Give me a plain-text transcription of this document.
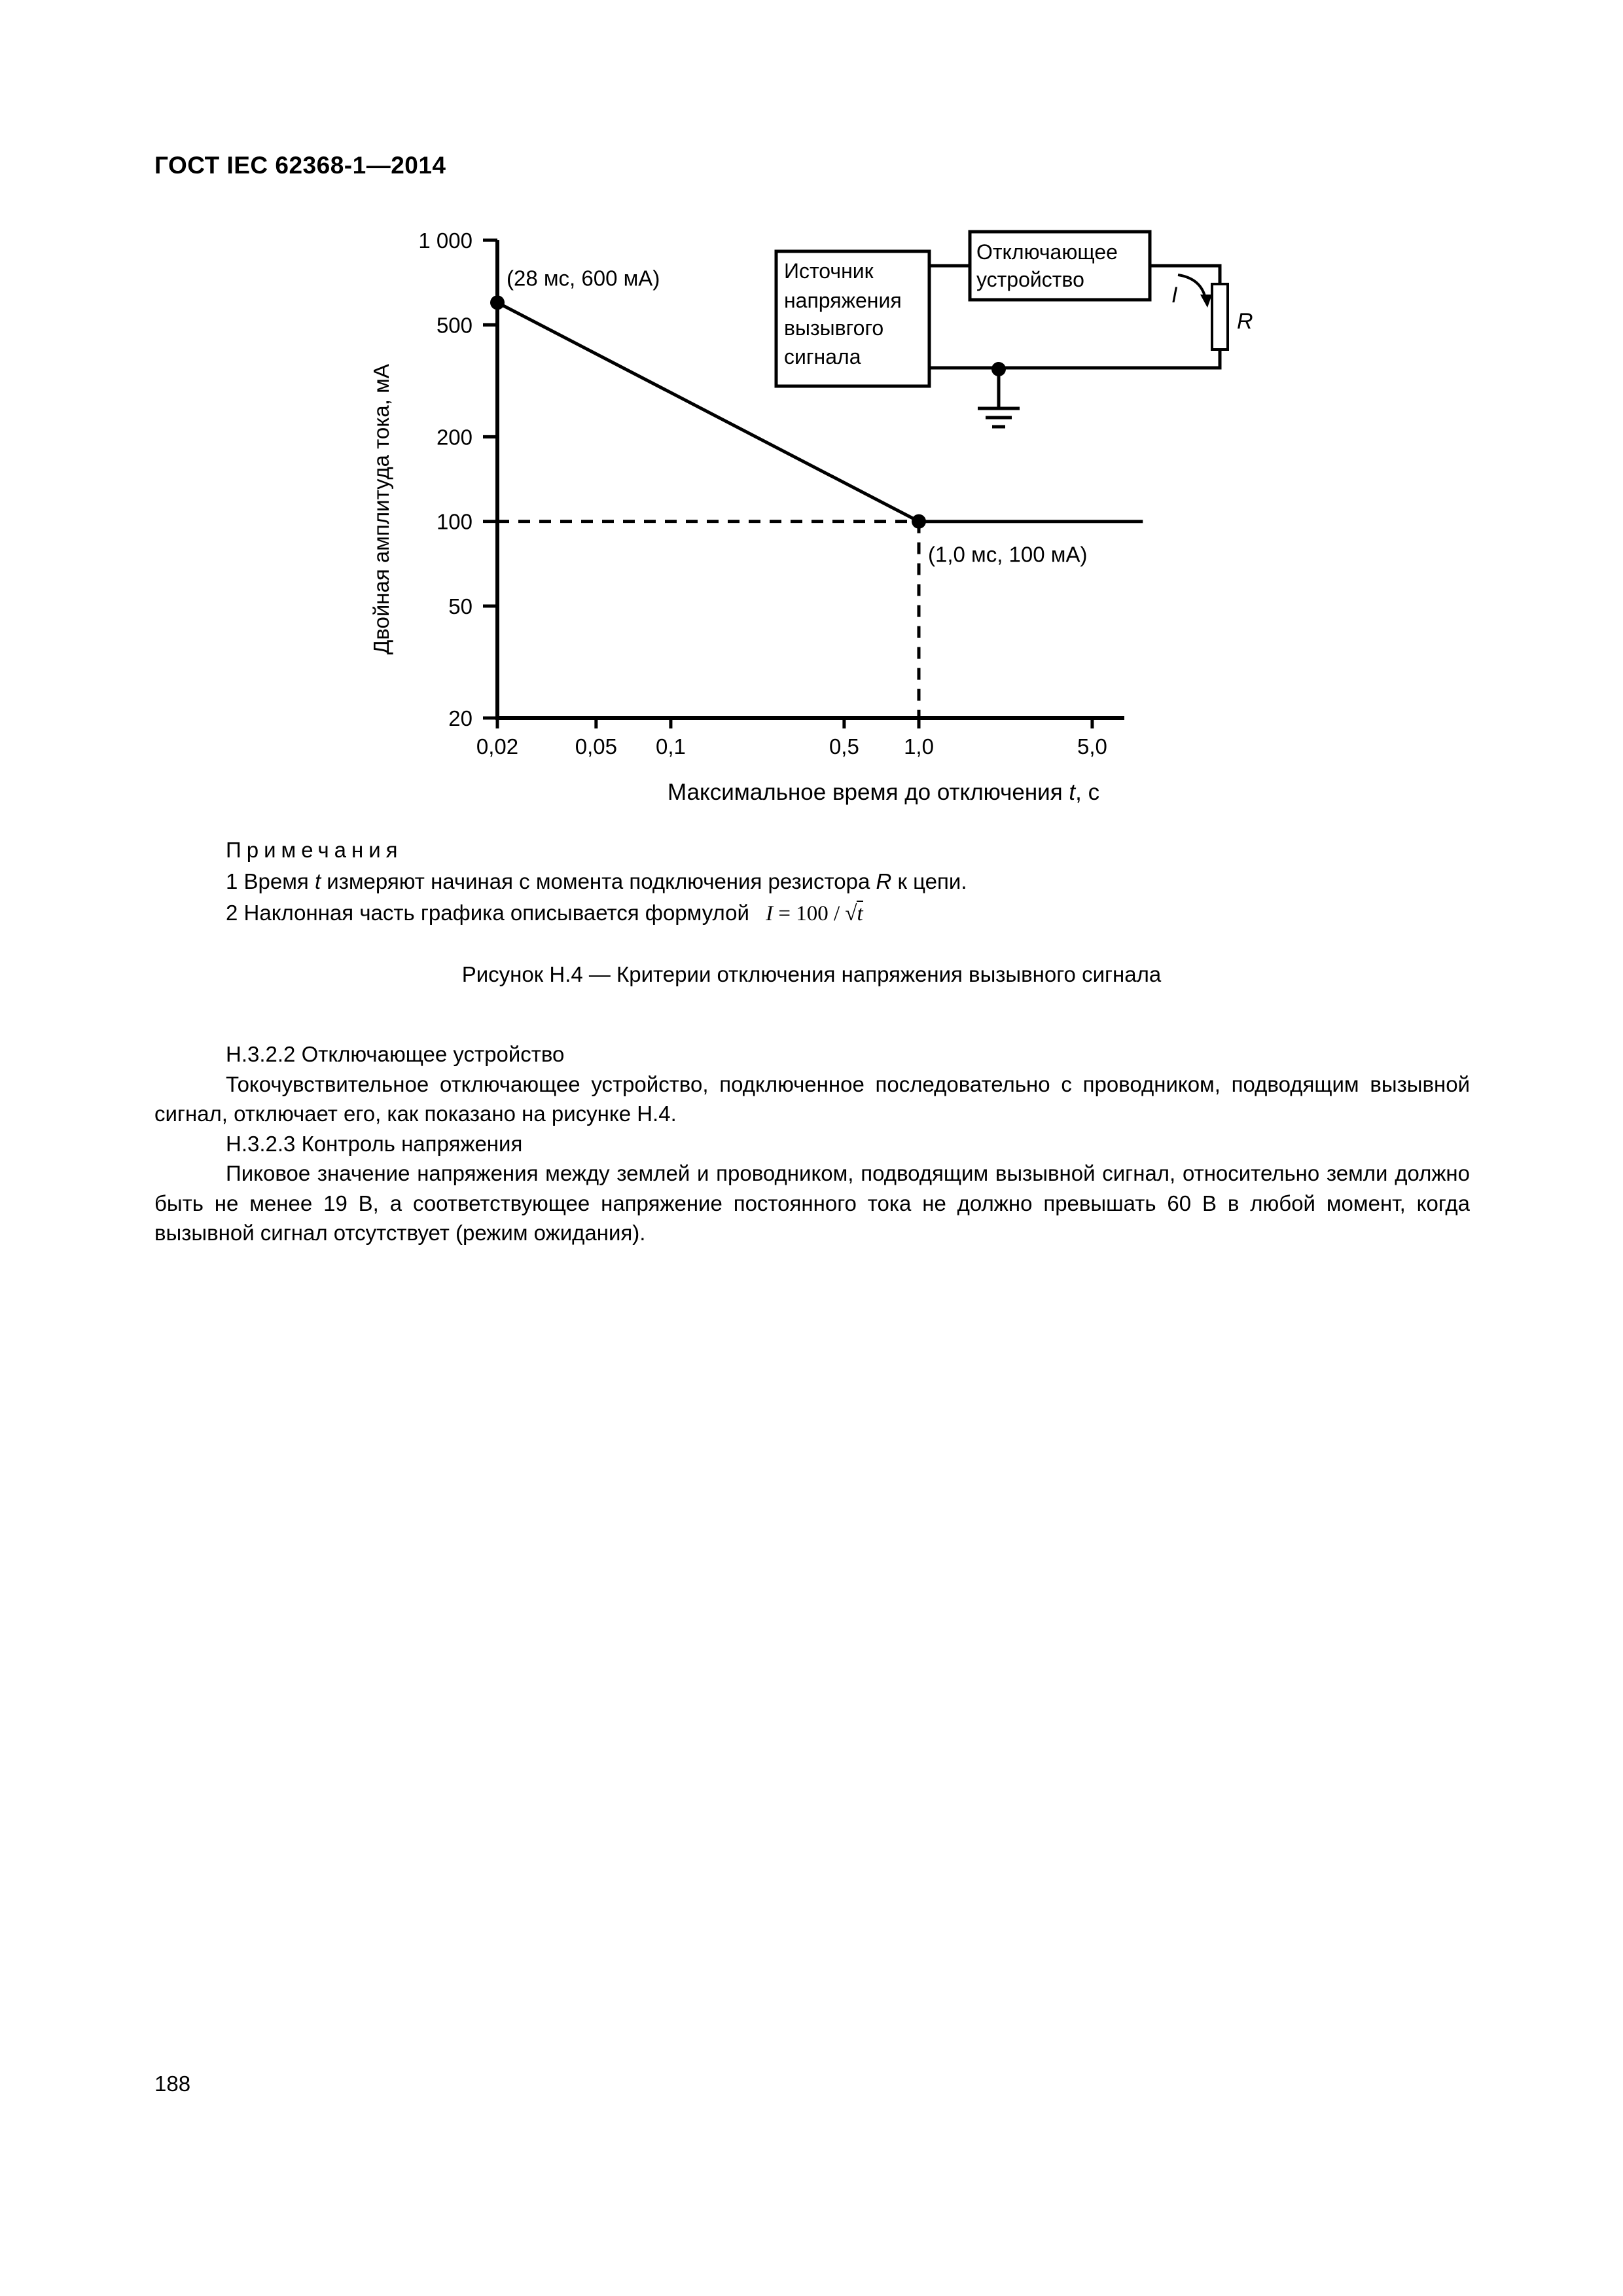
ГОСТ IEC 62368-1—2014
0,02	0,05 0,1	0,5 1,0	5,0
20
50
100
200
500
1 000
(28 мс, 600 мА)
(1,0 мс, 100 мА)
Двойная амплитуда тока, мА
Максимальное время до отключения t, с
Источник
напряжения
вызывгого
сигнала
Отключающее
устройство
I
R
Примечания
1 Время t измеряют начиная с момента подключения резистора R к цепи.
2 Наклонная часть графика описывается формулой I = 100 / √t
Рисунок Н.4 — Критерии отключения напряжения вызывного сигнала

Н.3.2.2 Отключающее устройство

Токочувствительное отключающее устройство, подключенное последовательно с проводником, подводящим вызывной сигнал, отключает его, как показано на рисунке Н.4.

Н.3.2.3 Контроль напряжения

Пиковое значение напряжения между землей и проводником, подводящим вызывной сигнал, относительно земли должно быть не менее 19 В, а соответствующее напряжение постоянного тока не должно превышать 60 В в любой момент, когда вызывной сигнал отсутствует (режим ожидания).

188
